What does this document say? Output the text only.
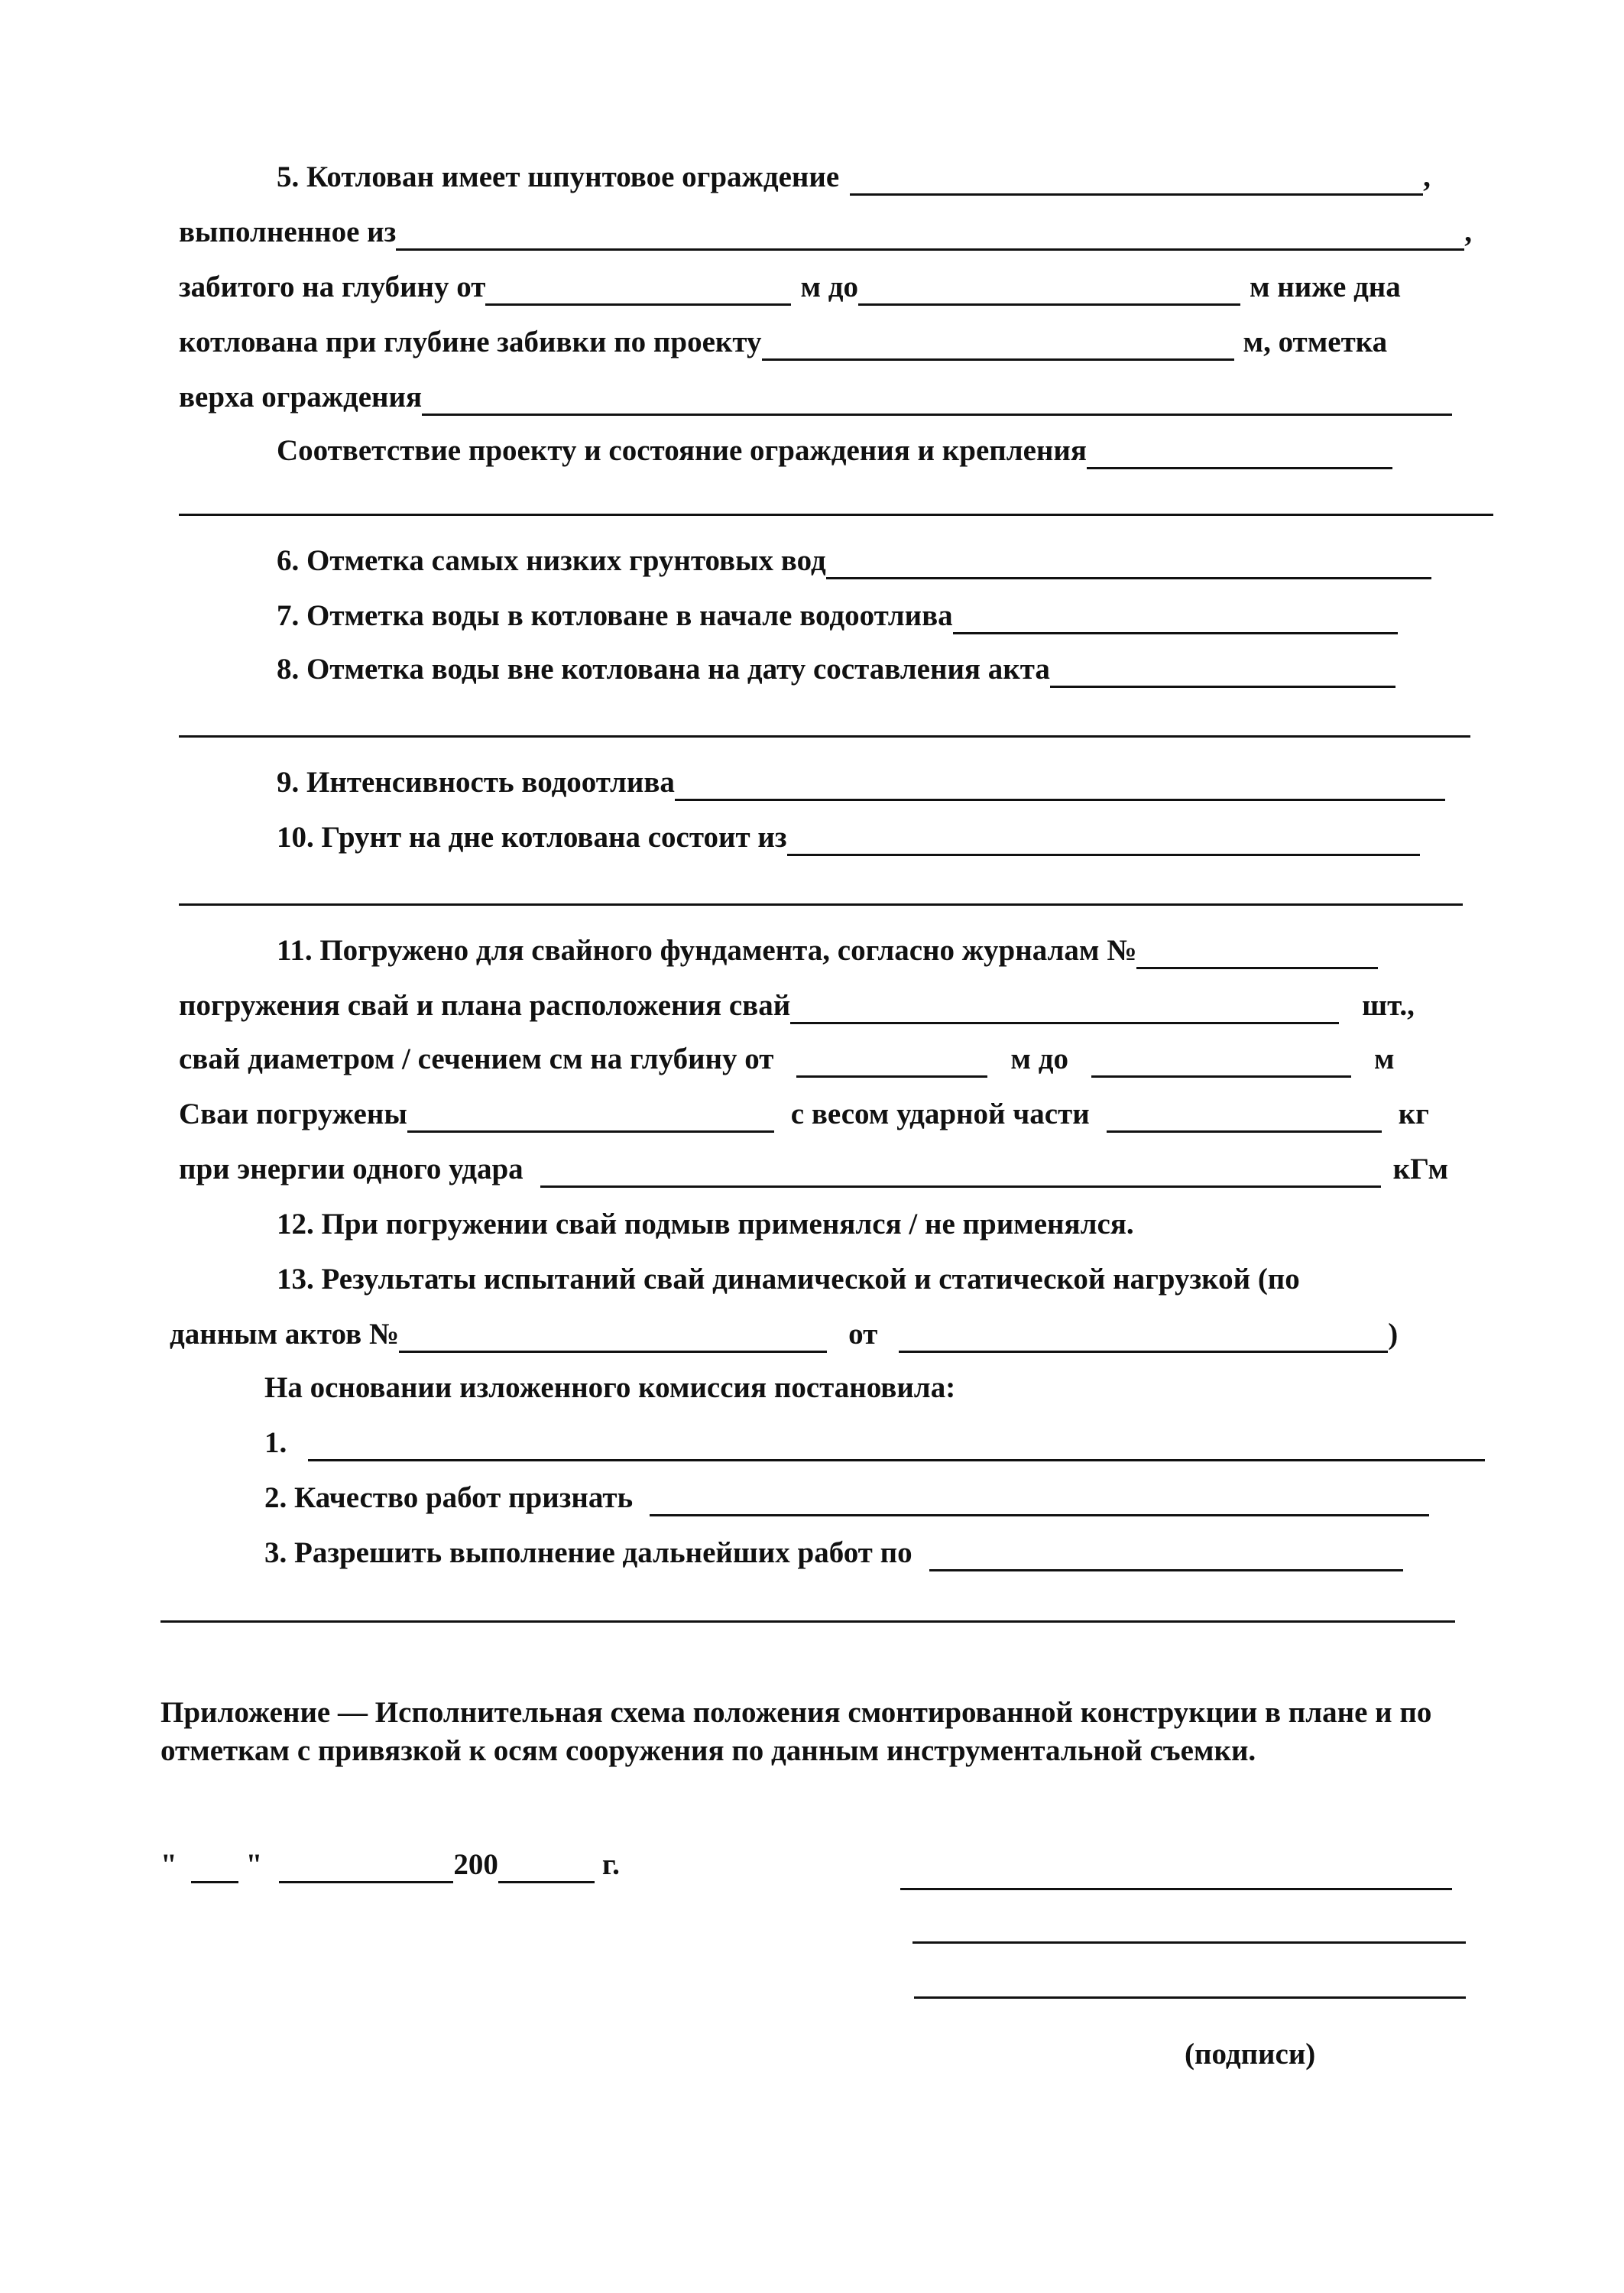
5. Котлован имеет шпунтовое ограждение	,
выполненное из	,
забитого на глубину от	м до	м ниже дна
котлована при глубине забивки по проекту	м, отметка
верха ограждения
Соответствие проекту и состояние ограждения и крепления
6. Отметка самых низких грунтовых вод
7. Отметка воды в котловане в начале водоотлива
8. Отметка воды вне котлована на дату составления акта
9. Интенсивность водоотлива
10. Грунт на дне котлована состоит из
11. Погружено для свайного фундамента, согласно журналам №
погружения свай и плана расположения свай	шт.,
свай диаметром / сечением см на глубину от	м до	м
Сваи погружены	с весом ударной части	кг
при энергии одного удара	кГм
12. При погружении свай подмыв применялся / не применялся.
13. Результаты испытаний свай динамической и статической нагрузкой (по
данным актов №	от	)
На основании изложенного комиссия постановила:
1.
2. Качество работ признать
3. Разрешить выполнение дальнейших работ по
Приложение — Исполнительная схема положения смонтированной конструкции в плане и по отметкам с привязкой к осям сооружения по данным инструментальной съемки.
" "	200	г.
(подписи)
